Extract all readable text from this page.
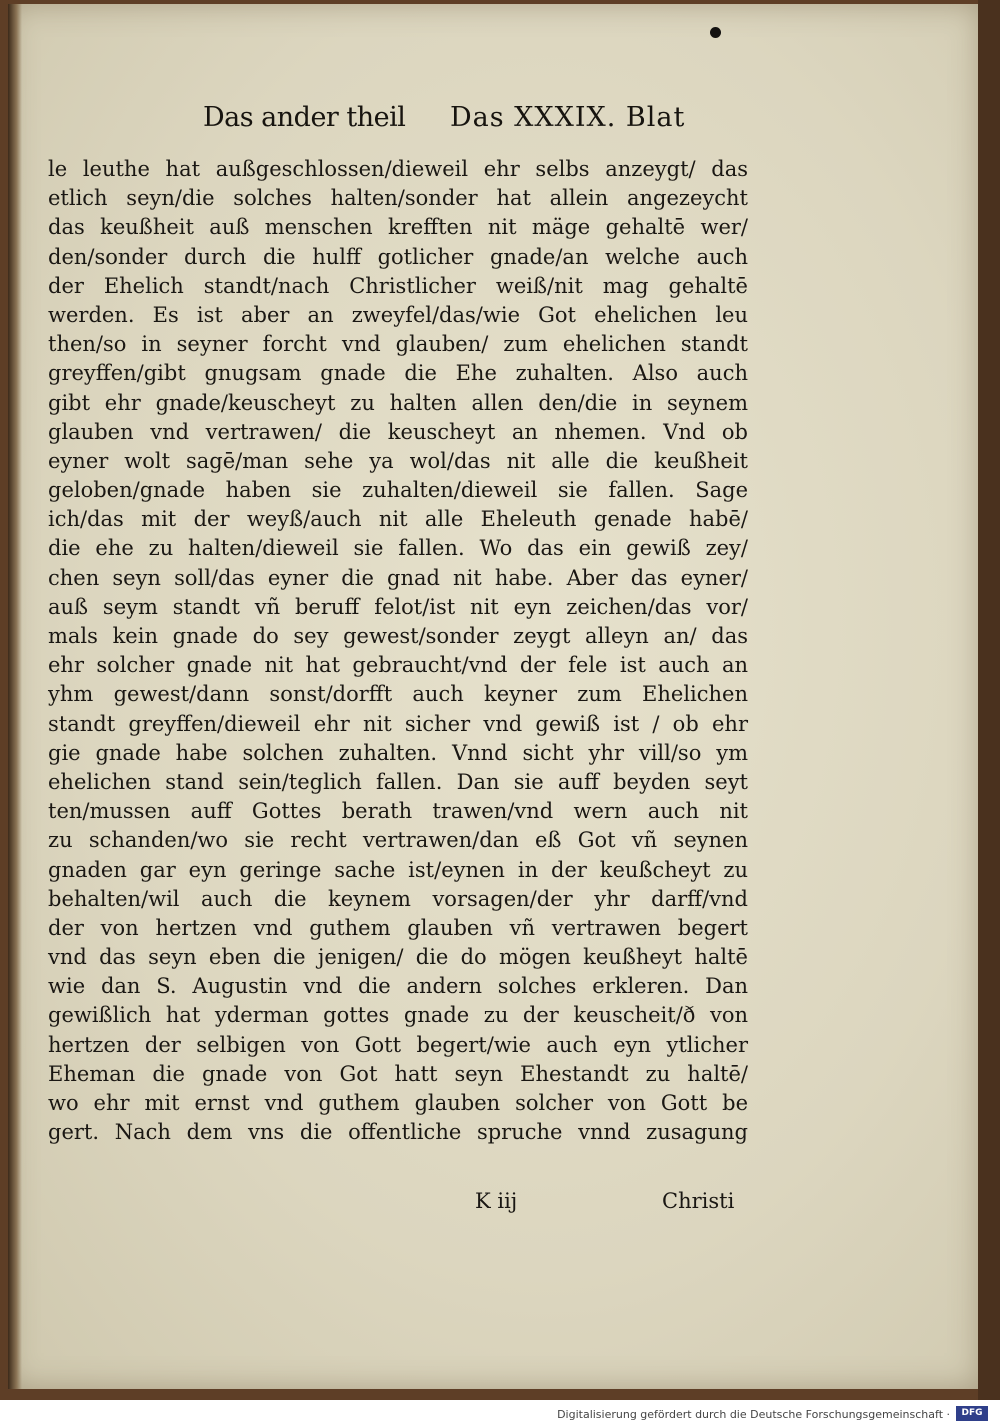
Das ander theil Das XXXIX. Blat
le leuthe hat außgeschlossen/dieweil ehr selbs anzeygt/ das
etlich seyn/die solches halten/sonder hat allein angezeycht
das keußheit auß menschen krefften nit mäge gehaltē wer/
den/sonder durch die hulff gotlicher gnade/an welche auch
der Ehelich standt/nach Christlicher weiß/nit mag gehaltē
werden. Es ist aber an zweyfel/das/wie Got ehelichen leu
then/so in seyner forcht vnd glauben/ zum ehelichen standt
greyffen/gibt gnugsam gnade die Ehe zuhalten. Also auch
gibt ehr gnade/keuscheyt zu halten allen den/die in seynem
glauben vnd vertrawen/ die keuscheyt an nhemen. Vnd ob
eyner wolt sagē/man sehe ya wol/das nit alle die keußheit
geloben/gnade haben sie zuhalten/dieweil sie fallen. Sage
ich/das mit der weyß/auch nit alle Eheleuth genade habē/
die ehe zu halten/dieweil sie fallen. Wo das ein gewiß zey/
chen seyn soll/das eyner die gnad nit habe. Aber das eyner/
auß seym standt vñ beruff felot/ist nit eyn zeichen/das vor/
mals kein gnade do sey gewest/sonder zeygt alleyn an/ das
ehr solcher gnade nit hat gebraucht/vnd der fele ist auch an
yhm gewest/dann sonst/dorfft auch keyner zum Ehelichen
standt greyffen/dieweil ehr nit sicher vnd gewiß ist / ob ehr
gie gnade habe solchen zuhalten. Vnnd sicht yhr vill/so ym
ehelichen stand sein/teglich fallen. Dan sie auff beyden seyt
ten/mussen auff Gottes berath trawen/vnd wern auch nit
zu schanden/wo sie recht vertrawen/dan eß Got vñ seynen
gnaden gar eyn geringe sache ist/eynen in der keußcheyt zu
behalten/wil auch die keynem vorsagen/der yhr darff/vnd
der von hertzen vnd guthem glauben vñ vertrawen begert
vnd das seyn eben die jenigen/ die do mögen keußheyt haltē
wie dan S. Augustin vnd die andern solches erkleren. Dan
gewißlich hat yderman gottes gnade zu der keuscheit/ð von
hertzen der selbigen von Gott begert/wie auch eyn ytlicher
Eheman die gnade von Got hatt seyn Ehestandt zu haltē/
wo ehr mit ernst vnd guthem glauben solcher von Gott be
gert. Nach dem vns die offentliche spruche vnnd zusagung
K iij	Christi
Digitalisierung gefördert durch die Deutsche Forschungsgemeinschaft ·	DFG
